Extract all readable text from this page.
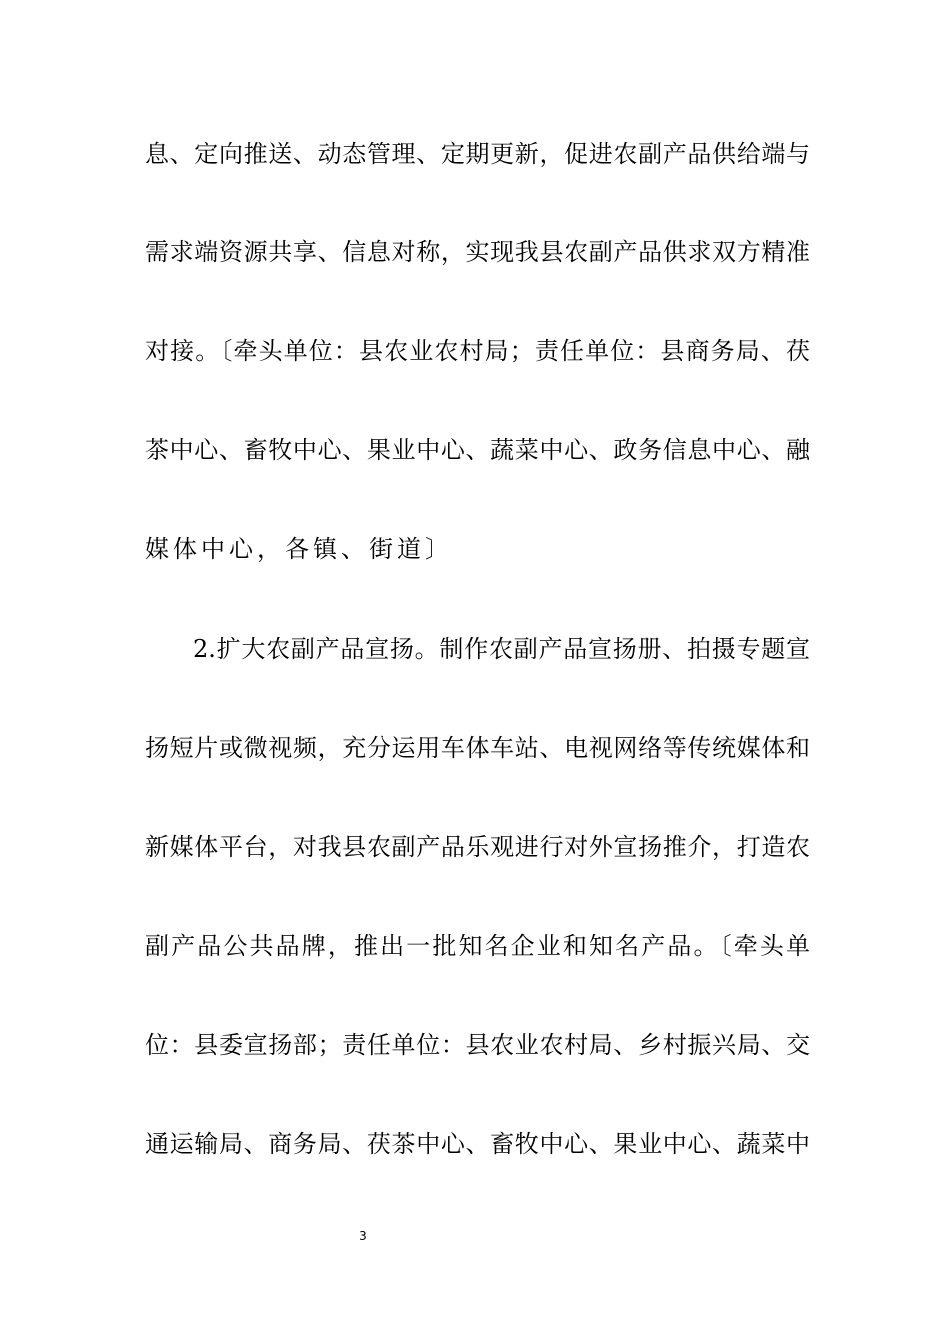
息、定向推送、动态管理、定期更新，促进农副产品供给端与
需求端资源共享、信息对称，实现我县农副产品供求双方精准
对接。〔牵头单位：县农业农村局；责任单位：县商务局、茯
茶中心、畜牧中心、果业中心、蔬菜中心、政务信息中心、融
媒体中心，各镇、街道〕
2.扩大农副产品宣扬。制作农副产品宣扬册、拍摄专题宣
扬短片或微视频，充分运用车体车站、电视网络等传统媒体和
新媒体平台，对我县农副产品乐观进行对外宣扬推介，打造农
副产品公共品牌，推出一批知名企业和知名产品。〔牵头单
位：县委宣扬部；责任单位：县农业农村局、乡村振兴局、交
通运输局、商务局、茯茶中心、畜牧中心、果业中心、蔬菜中
3
